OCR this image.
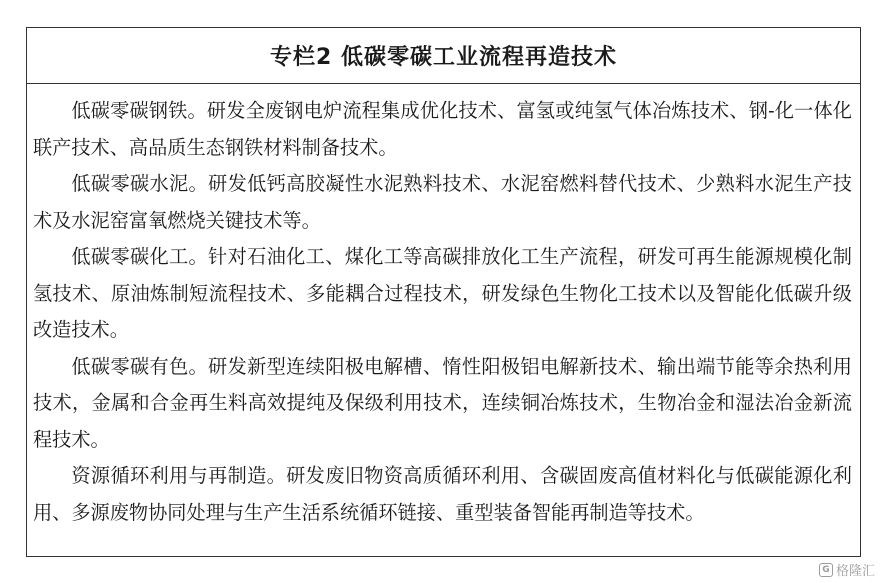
专栏2 低碳零碳工业流程再造技术

低碳零碳钢铁。研发全废钢电炉流程集成优化技术、富氢或纯氢气体冶炼技术、钢-化一体化联产技术、高品质生态钢铁材料制备技术。

低碳零碳水泥。研发低钙高胶凝性水泥熟料技术、水泥窑燃料替代技术、少熟料水泥生产技术及水泥窑富氧燃烧关键技术等。

低碳零碳化工。针对石油化工、煤化工等高碳排放化工生产流程，研发可再生能源规模化制氢技术、原油炼制短流程技术、多能耦合过程技术，研发绿色生物化工技术以及智能化低碳升级改造技术。

低碳零碳有色。研发新型连续阳极电解槽、惰性阳极铝电解新技术、输出端节能等余热利用技术，金属和合金再生料高效提纯及保级利用技术，连续铜冶炼技术，生物冶金和湿法冶金新流程技术。

资源循环利用与再制造。研发废旧物资高质循环利用、含碳固废高值材料化与低碳能源化利用、多源废物协同处理与生产生活系统循环链接、重型装备智能再制造等技术。

G 格隆汇
